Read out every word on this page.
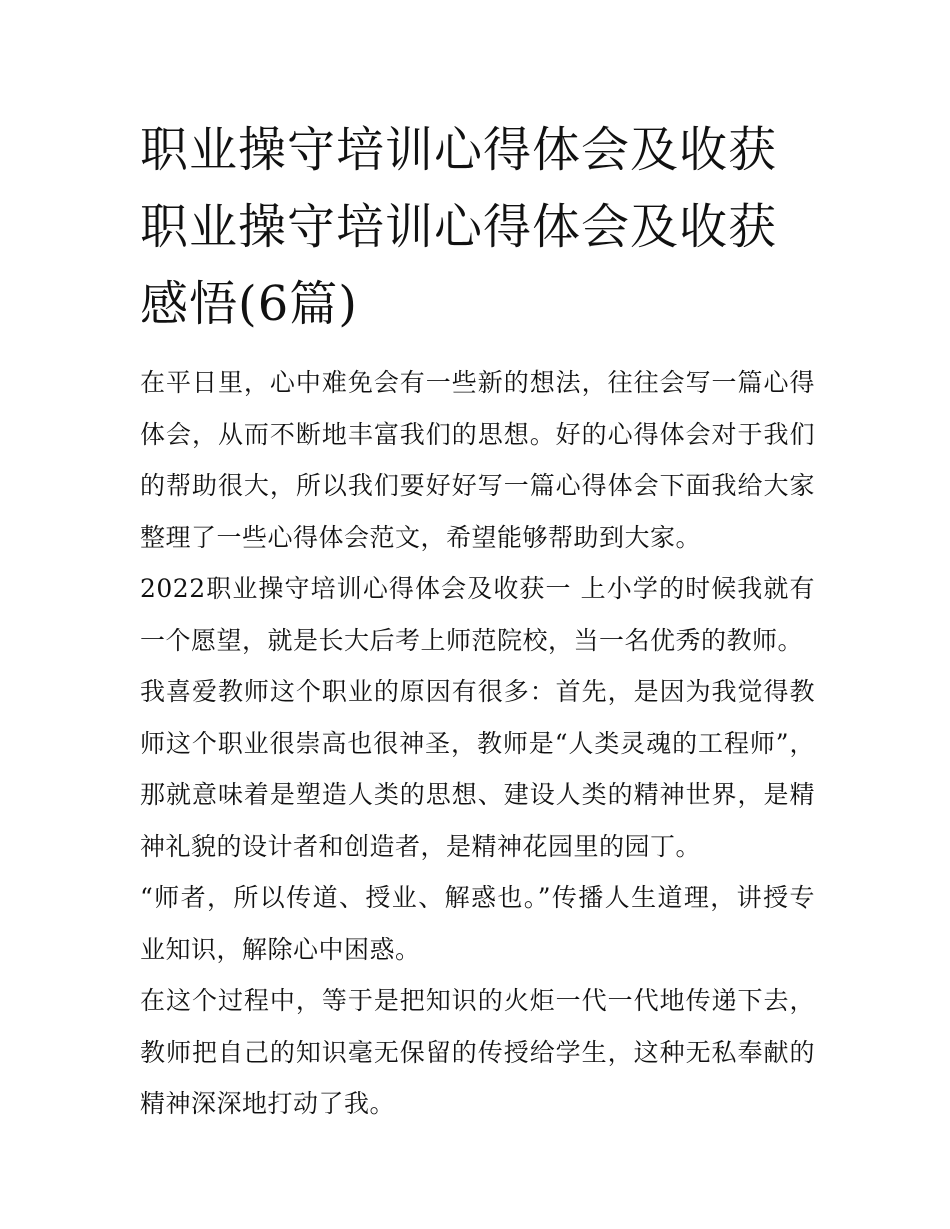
职业操守培训心得体会及收获
职业操守培训心得体会及收获
感悟(6篇)

在平日里，心中难免会有一些新的想法，往往会写一篇心得体会，从而不断地丰富我们的思想。好的心得体会对于我们的帮助很大，所以我们要好好写一篇心得体会下面我给大家整理了一些心得体会范文，希望能够帮助到大家。

2022职业操守培训心得体会及收获一 上小学的时候我就有一个愿望，就是长大后考上师范院校，当一名优秀的教师。

我喜爱教师这个职业的原因有很多：首先，是因为我觉得教师这个职业很崇高也很神圣，教师是“人类灵魂的工程师”，那就意味着是塑造人类的思想、建设人类的精神世界，是精神礼貌的设计者和创造者，是精神花园里的园丁。

“师者，所以传道、授业、解惑也。”传播人生道理，讲授专业知识，解除心中困惑。

在这个过程中，等于是把知识的火炬一代一代地传递下去，教师把自己的知识毫无保留的传授给学生，这种无私奉献的精神深深地打动了我。
